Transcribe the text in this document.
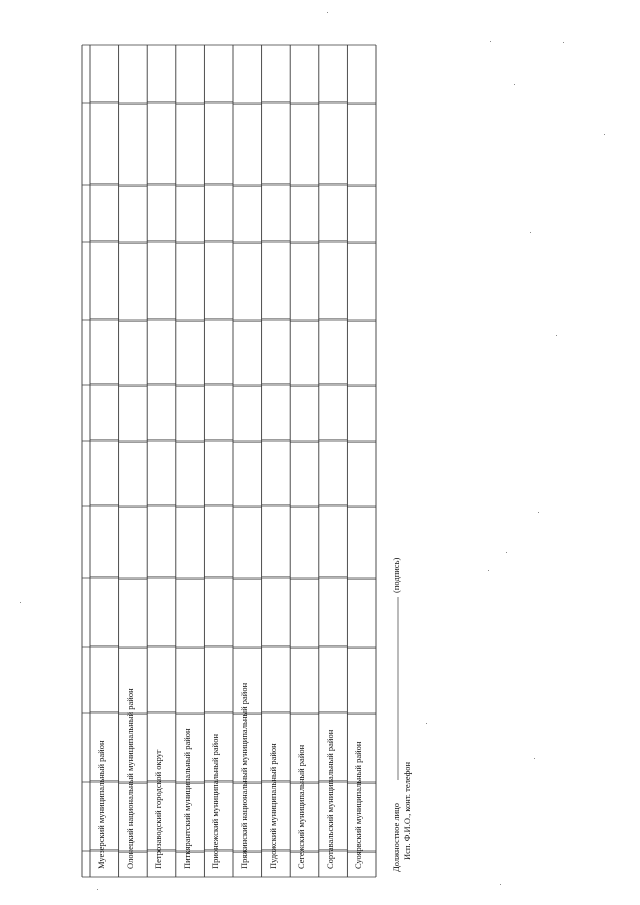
Муезерский муниципальный район Олонецкий национальный муниципальный район Петрозаводский городской округ Питкярантский муниципальный район Прионежский муниципальный район Пряжинский национальный муниципальный район Пудожский муниципальный район Сегежский муниципальный район Сортавальский муниципальный район Суоярвский муниципальный район	Должностное лицо Исп. Ф.И.О., конт. телефон
(подпись)
